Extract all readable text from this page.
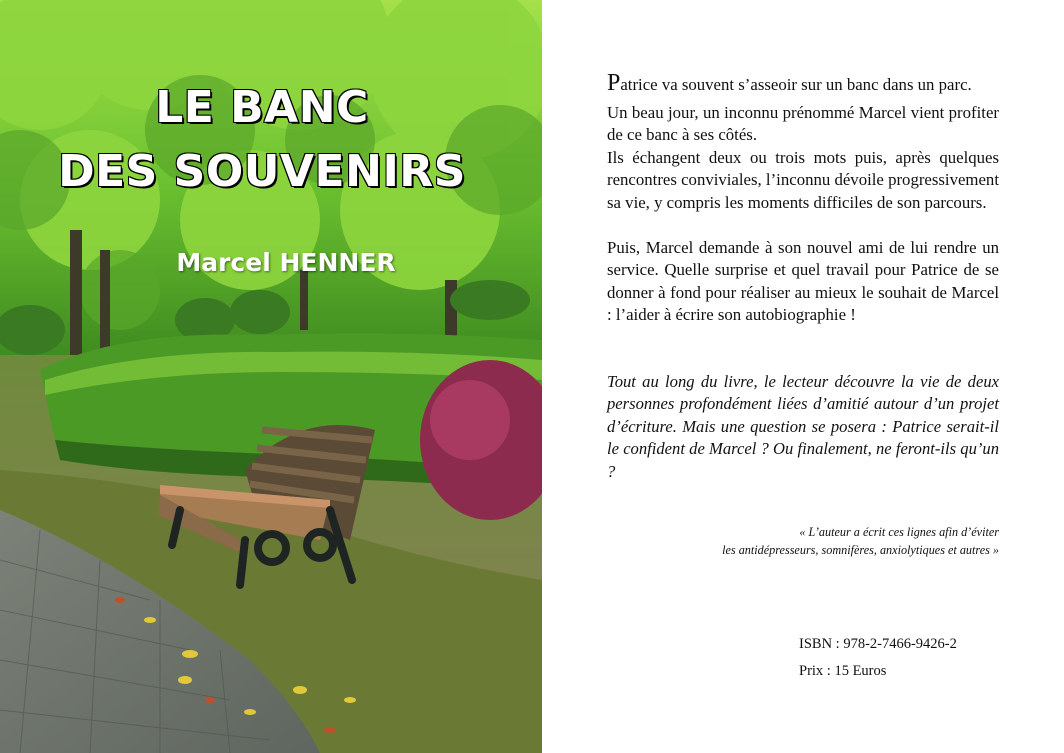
LE BANC
DES SOUVENIRS
Marcel HENNER

Patrice va souvent s’asseoir sur un banc dans un parc.

Un beau jour, un inconnu prénommé Marcel vient profiter de ce banc à ses côtés.

Ils échangent deux ou trois mots puis, après quelques rencontres conviviales, l’inconnu dévoile progressivement sa vie, y compris les moments difficiles de son parcours.

Puis, Marcel demande à son nouvel ami de lui rendre un service. Quelle surprise et quel travail pour Patrice de se donner à fond pour réaliser au mieux le souhait de Marcel : l’aider à écrire son autobiographie !

Tout au long du livre, le lecteur découvre la vie de deux personnes profondément liées d’amitié autour d’un projet d’écriture. Mais une question se posera : Patrice serait-il le confident de Marcel ? Ou finalement, ne feront-ils qu’un ?

« L’auteur a écrit ces lignes afin d’éviter
les antidépresseurs, somnifères, anxiolytiques et autres »

ISBN : 978-2-7466-9426-2

Prix : 15 Euros
